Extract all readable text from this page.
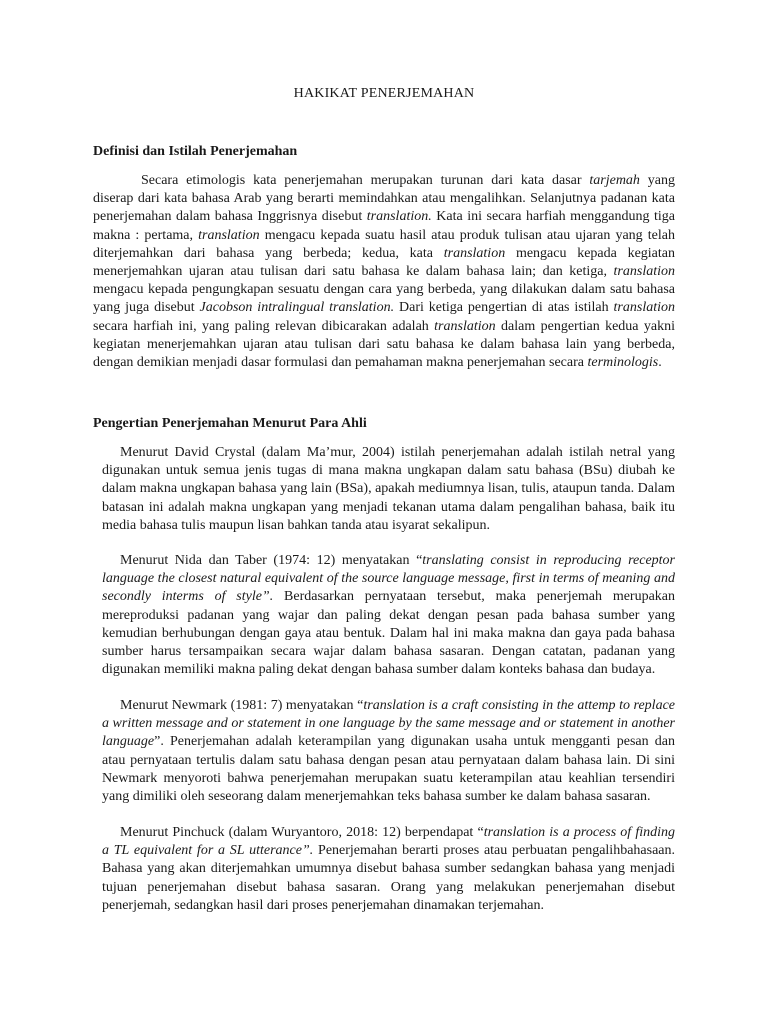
HAKIKAT PENERJEMAHAN
Definisi dan Istilah Penerjemahan

Secara etimologis kata penerjemahan merupakan turunan dari kata dasar tarjemah yang diserap dari kata bahasa Arab yang berarti memindahkan atau mengalihkan. Selanjutnya padanan kata penerjemahan dalam bahasa Inggrisnya disebut translation. Kata ini secara harfiah menggandung tiga makna : pertama, translation mengacu kepada suatu hasil atau produk tulisan atau ujaran yang telah diterjemahkan dari bahasa yang berbeda; kedua, kata translation mengacu kepada kegiatan menerjemahkan ujaran atau tulisan dari satu bahasa ke dalam bahasa lain; dan ketiga, translation mengacu kepada pengungkapan sesuatu dengan cara yang berbeda, yang dilakukan dalam satu bahasa yang juga disebut Jacobson intralingual translation. Dari ketiga pengertian di atas istilah translation secara harfiah ini, yang paling relevan dibicarakan adalah translation dalam pengertian kedua yakni kegiatan menerjemahkan ujaran atau tulisan dari satu bahasa ke dalam bahasa lain yang berbeda, dengan demikian menjadi dasar formulasi dan pemahaman makna penerjemahan secara terminologis.

Pengertian Penerjemahan Menurut Para Ahli

Menurut David Crystal (dalam Ma’mur, 2004) istilah penerjemahan adalah istilah netral yang digunakan untuk semua jenis tugas di mana makna ungkapan dalam satu bahasa (BSu) diubah ke dalam makna ungkapan bahasa yang lain (BSa), apakah mediumnya lisan, tulis, ataupun tanda. Dalam batasan ini adalah makna ungkapan yang menjadi tekanan utama dalam pengalihan bahasa, baik itu media bahasa tulis maupun lisan bahkan tanda atau isyarat sekalipun.

Menurut Nida dan Taber (1974: 12) menyatakan “translating consist in reproducing receptor language the closest natural equivalent of the source language message, first in terms of meaning and secondly interms of style”. Berdasarkan pernyataan tersebut, maka penerjemah merupakan mereproduksi padanan yang wajar dan paling dekat dengan pesan pada bahasa sumber yang kemudian berhubungan dengan gaya atau bentuk. Dalam hal ini maka makna dan gaya pada bahasa sumber harus tersampaikan secara wajar dalam bahasa sasaran. Dengan catatan, padanan yang digunakan memiliki makna paling dekat dengan bahasa sumber dalam konteks bahasa dan budaya.

Menurut Newmark (1981: 7) menyatakan “translation is a craft consisting in the attemp to replace a written message and or statement in one language by the same message and or statement in another language”. Penerjemahan adalah keterampilan yang digunakan usaha untuk mengganti pesan dan atau pernyataan tertulis dalam satu bahasa dengan pesan atau pernyataan dalam bahasa lain. Di sini Newmark menyoroti bahwa penerjemahan merupakan suatu keterampilan atau keahlian tersendiri yang dimiliki oleh seseorang dalam menerjemahkan teks bahasa sumber ke dalam bahasa sasaran.

Menurut Pinchuck (dalam Wuryantoro, 2018: 12) berpendapat “translation is a process of finding a TL equivalent for a SL utterance”. Penerjemahan berarti proses atau perbuatan pengalihbahasaan. Bahasa yang akan diterjemahkan umumnya disebut bahasa sumber sedangkan bahasa yang menjadi tujuan penerjemahan disebut bahasa sasaran. Orang yang melakukan penerjemahan disebut penerjemah, sedangkan hasil dari proses penerjemahan dinamakan terjemahan.
